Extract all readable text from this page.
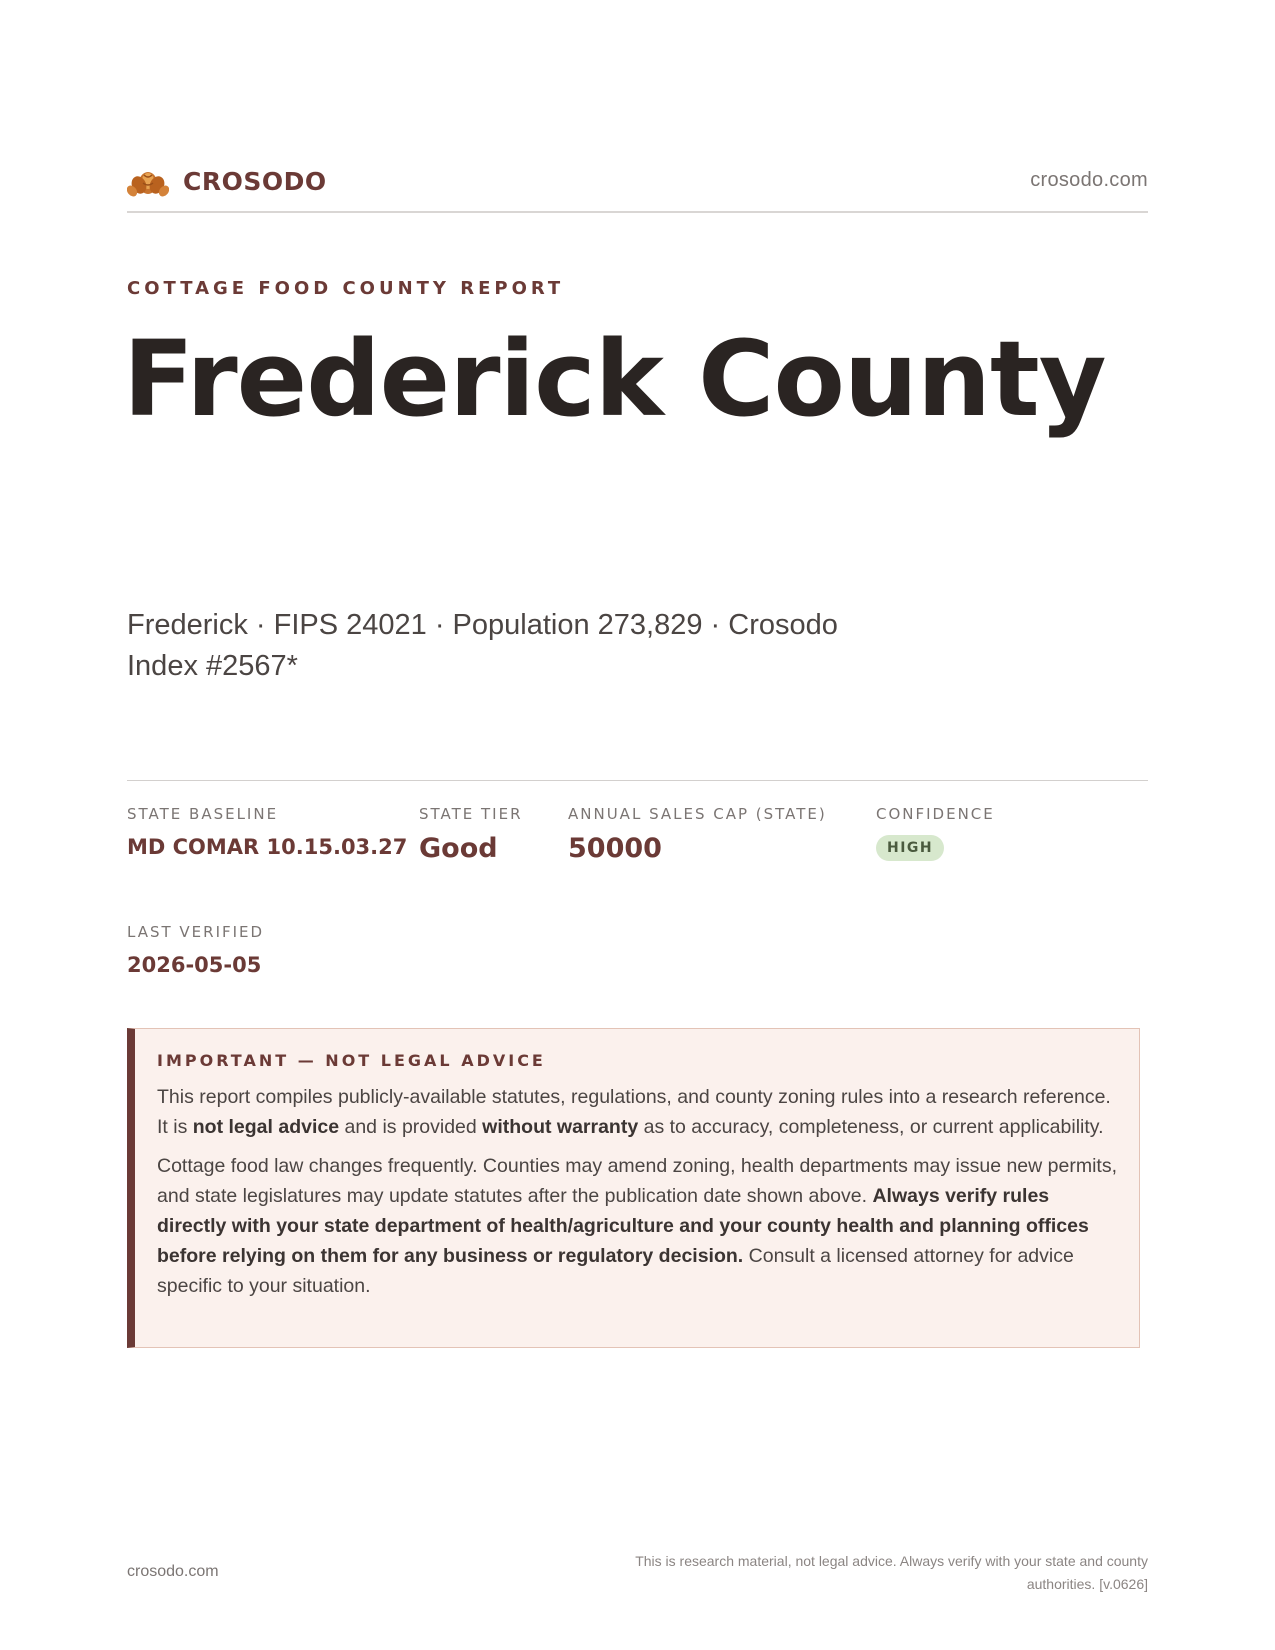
CROSODO	crosodo.com
COTTAGE FOOD COUNTY REPORT
Frederick County
Frederick · FIPS 24021 · Population 273,829 · Crosodo Index #2567*
STATE BASELINE
MD COMAR 10.15.03.27
STATE TIER
Good
ANNUAL SALES CAP (STATE)
50000
CONFIDENCE
HIGH
LAST VERIFIED
2026-05-05
IMPORTANT — NOT LEGAL ADVICE

This report compiles publicly-available statutes, regulations, and county zoning rules into a research reference. It is not legal advice and is provided without warranty as to accuracy, completeness, or current applicability.

Cottage food law changes frequently. Counties may amend zoning, health departments may issue new permits, and state legislatures may update statutes after the publication date shown above. Always verify rules directly with your state department of health/agriculture and your county health and planning offices before relying on them for any business or regulatory decision. Consult a licensed attorney for advice specific to your situation.

crosodo.com
This is research material, not legal advice. Always verify with your state and county authorities. [v.0626]
